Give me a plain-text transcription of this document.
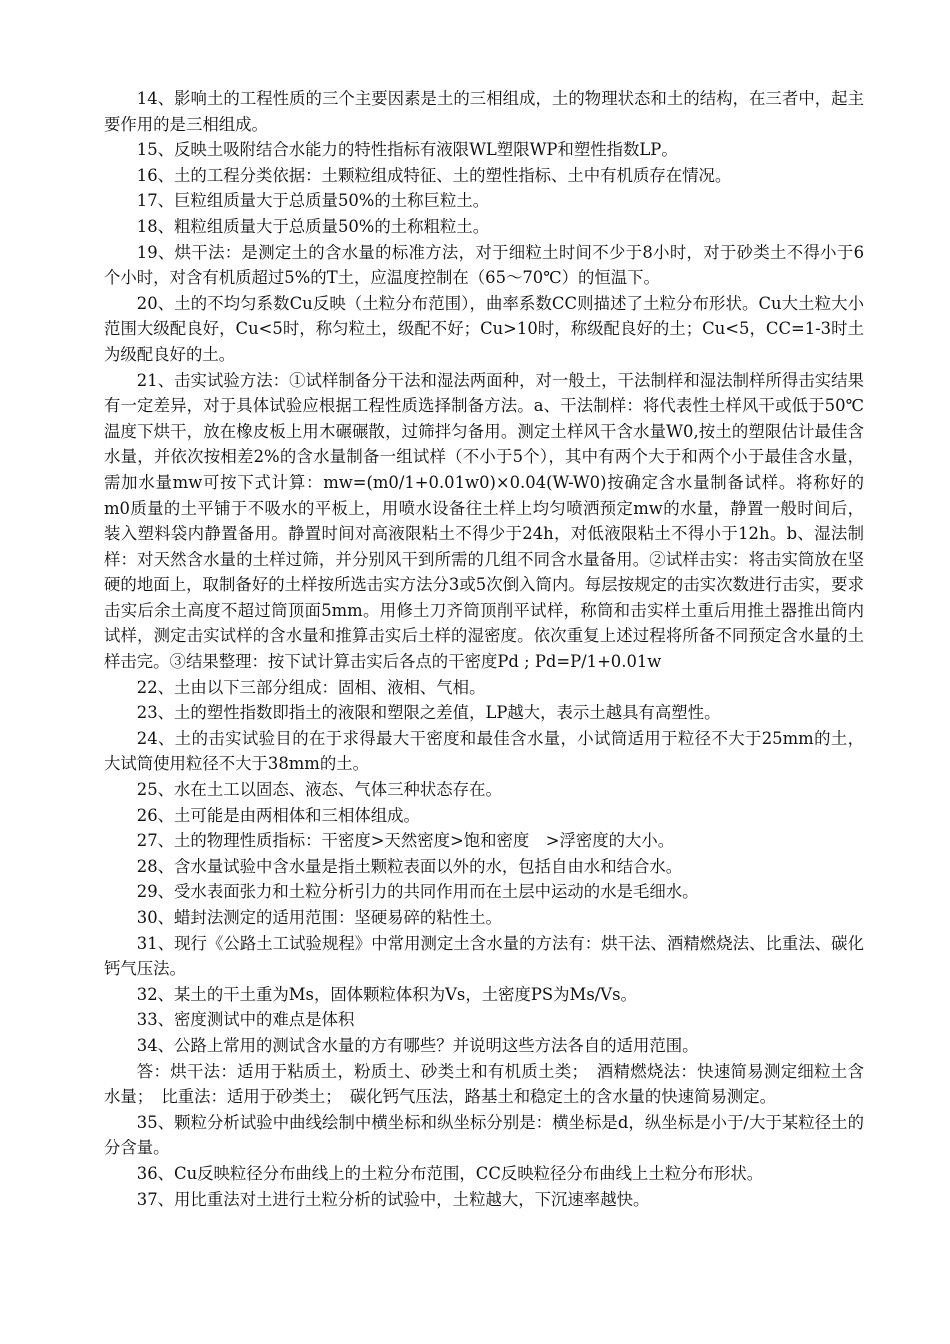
14、影响土的工程性质的三个主要因素是土的三相组成，土的物理状态和土的结构，在三者中，起主要作用的是三相组成。

15、反映土吸附结合水能力的特性指标有液限WL塑限WP和塑性指数LP。

16、土的工程分类依据：土颗粒组成特征、土的塑性指标、土中有机质存在情况。

17、巨粒组质量大于总质量50%的土称巨粒土。

18、粗粒组质量大于总质量50%的土称粗粒土。

19、烘干法：是测定土的含水量的标准方法，对于细粒土时间不少于8小时，对于砂类土不得小于6个小时，对含有机质超过5%的T土，应温度控制在（65～70℃）的恒温下。

20、土的不均匀系数Cu反映（土粒分布范围），曲率系数CC则描述了土粒分布形状。Cu大土粒大小范围大级配良好，Cu<5时，称匀粒土，级配不好；Cu>10时，称级配良好的土；Cu<5，CC=1-3时土为级配良好的土。

21、击实试验方法：①试样制备分干法和湿法两面种，对一般土，干法制样和湿法制样所得击实结果有一定差异，对于具体试验应根据工程性质选择制备方法。a、干法制样：将代表性土样风干或低于50℃温度下烘干，放在橡皮板上用木碾碾散，过筛拌匀备用。测定土样风干含水量W0,按土的塑限估计最佳含水量，并依次按相差2%的含水量制备一组试样（不小于5个），其中有两个大于和两个小于最佳含水量，需加水量mw可按下式计算：mw=(m0/1+0.01w0)×0.04(W-W0)按确定含水量制备试样。将称好的m0质量的土平铺于不吸水的平板上，用喷水设备往土样上均匀喷洒预定mw的水量，静置一般时间后，装入塑料袋内静置备用。静置时间对高液限粘土不得少于24h，对低液限粘土不得小于12h。b、湿法制样：对天然含水量的土样过筛，并分别风干到所需的几组不同含水量备用。②试样击实：将击实筒放在坚硬的地面上，取制备好的土样按所选击实方法分3或5次倒入筒内。每层按规定的击实次数进行击实，要求击实后余土高度不超过筒顶面5mm。用修土刀齐筒顶削平试样，称筒和击实样土重后用推土器推出筒内试样，测定击实试样的含水量和推算击实后土样的湿密度。依次重复上述过程将所备不同预定含水量的土样击完。③结果整理：按下试计算击实后各点的干密度Pd ; Pd=P/1+0.01w

22、土由以下三部分组成：固相、液相、气相。

23、土的塑性指数即指土的液限和塑限之差值，LP越大，表示土越具有高塑性。

24、土的击实试验目的在于求得最大干密度和最佳含水量，小试筒适用于粒径不大于25mm的土，大试筒使用粒径不大于38mm的土。

25、水在土工以固态、液态、气体三种状态存在。

26、土可能是由两相体和三相体组成。

27、土的物理性质指标：干密度>天然密度>饱和密度　>浮密度的大小。

28、含水量试验中含水量是指土颗粒表面以外的水，包括自由水和结合水。

29、受水表面张力和土粒分析引力的共同作用而在土层中运动的水是毛细水。

30、蜡封法测定的适用范围：坚硬易碎的粘性土。

31、现行《公路土工试验规程》中常用测定土含水量的方法有：烘干法、酒精燃烧法、比重法、碳化钙气压法。

32、某土的干土重为Ms，固体颗粒体积为Vs，土密度PS为Ms/Vs。

33、密度测试中的难点是体积

34、公路上常用的测试含水量的方有哪些？并说明这些方法各自的适用范围。

答：烘干法：适用于粘质土，粉质土、砂类土和有机质土类；　酒精燃烧法：快速简易测定细粒土含水量；　比重法：适用于砂类土；　碳化钙气压法，路基土和稳定土的含水量的快速简易测定。

35、颗粒分析试验中曲线绘制中横坐标和纵坐标分别是：横坐标是d，纵坐标是小于/大于某粒径土的分含量。

36、Cu反映粒径分布曲线上的土粒分布范围，CC反映粒径分布曲线上土粒分布形状。

37、用比重法对土进行土粒分析的试验中，土粒越大，下沉速率越快。
